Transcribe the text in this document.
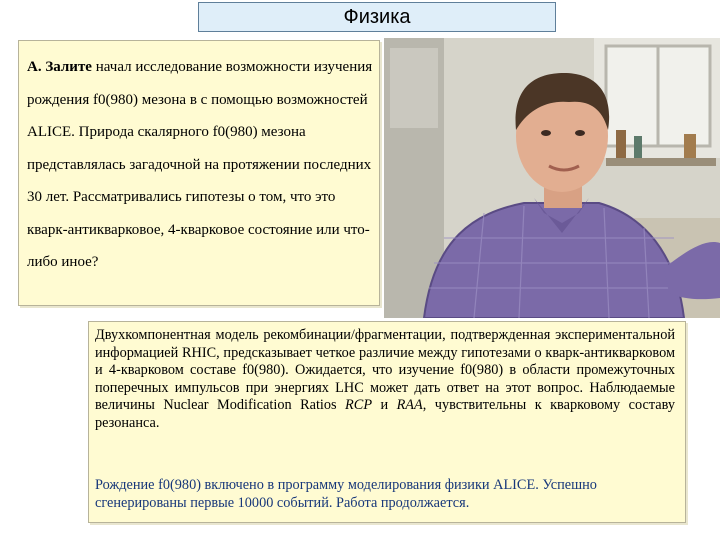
Физика

А. Залите начал исследование возможности изучения рождения f0(980) мезона в с помощью возможностей ALICE. Природа скалярного f0(980) мезона представлялась загадочной на протяжении последних 30 лет. Рассматривались гипотезы о том, что это кварк-антикварковое, 4-кварковое состояние или что-либо иное?

Двухкомпонентная модель рекомбинации/фрагментации, подтвержденная экспериментальной информацией RHIC, предсказывает четкое различие между гипотезами о кварк-антикварковом и 4-кварковом составе f0(980). Ожидается, что изучение f0(980) в области промежуточных поперечных импульсов при энергиях LHC может дать ответ на этот вопрос. Наблюдаемые величины Nuclear Modification Ratios RCP и RAA, чувствительны к кварковому составу резонанса.

Рождение f0(980) включено в программу моделирования физики ALICE. Успешно сгенерированы первые 10000 событий. Работа продолжается.
